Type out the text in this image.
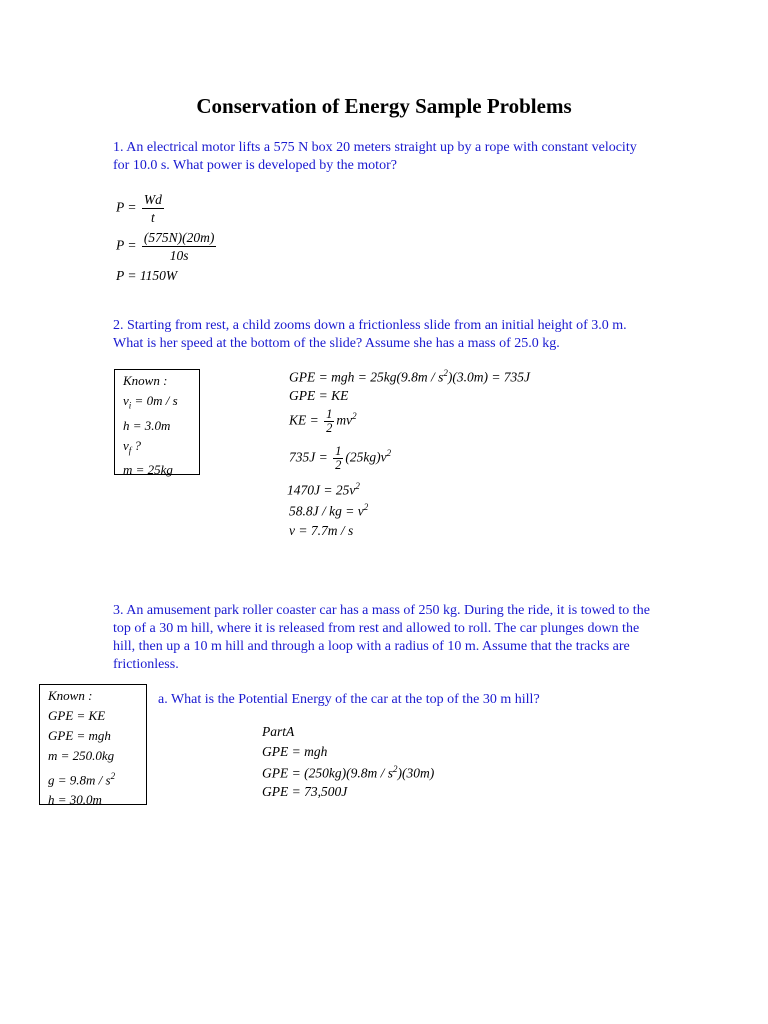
Conservation of Energy Sample Problems
1. An electrical motor lifts a 575 N box 20 meters straight up by a rope with constant velocity for 10.0 s. What power is developed by the motor?
$P = \frac{Wd}{t}$
$P = \frac{(575N)(20m)}{10s}$
P = 1150W
2. Starting from rest, a child zooms down a frictionless slide from an initial height of 3.0 m. What is her speed at the bottom of the slide? Assume she has a mass of 25.0 kg.
Known :
$v_i = 0m / s$
h = 3.0m
$v_f$ ?
m = 25kg
GPE = mgh = $25kg(9.8m / s^2)(3.0m) = 735J$
GPE = KE
KE = $\frac{1}{2} mv^2$
$735J = \frac{1}{2} (25kg)v^2$
$1470J = 25v^2$
58.8J / kg = $v^2$
v = 7.7m / s
3. An amusement park roller coaster car has a mass of 250 kg. During the ride, it is towed to the top of a 30 m hill, where it is released from rest and allowed to roll. The car plunges down the hill, then up a 10 m hill and through a loop with a radius of 10 m. Assume that the tracks are frictionless.
Known :
GPE = KE
GPE = mgh
m = 250.0kg
$g = 9.8m / s^2$
h = 30.0m
a. What is the Potential Energy of the car at the top of the 30 m hill?
PartA
GPE = mgh
GPE = $(250kg)(9.8m / s^2)(30m)$
GPE = 73,500J
